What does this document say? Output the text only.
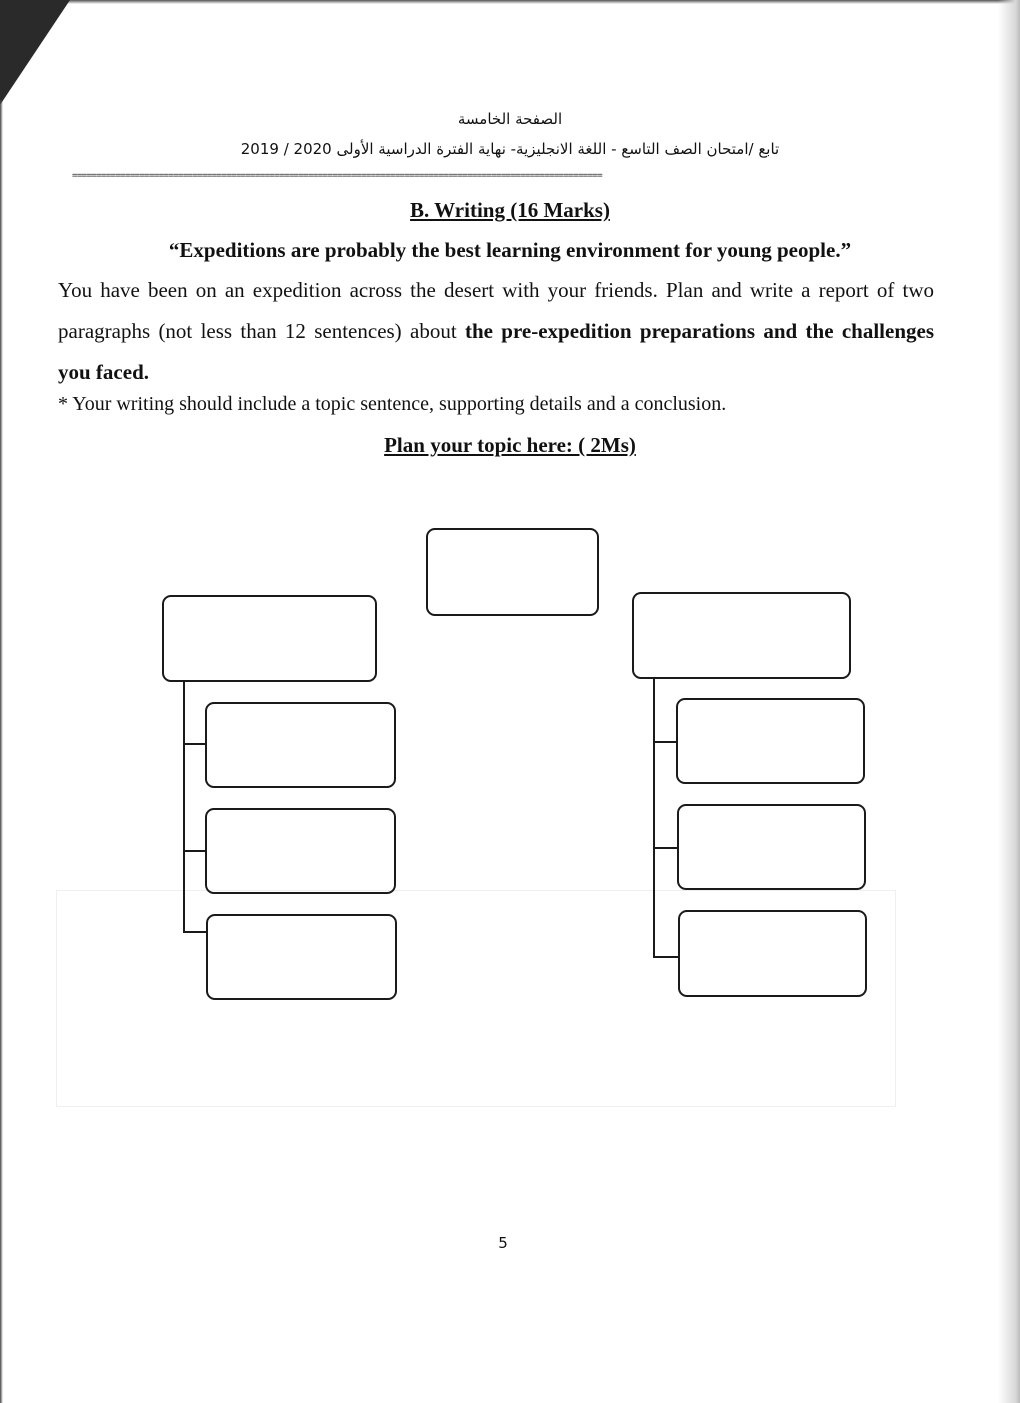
الصفحة الخامسة
تابع /امتحان الصف التاسع - اللغة الانجليزية- نهاية الفترة الدراسية الأولى 2020 / 2019
==============================================================================================================
B. Writing (16 Marks)
“Expeditions are probably the best learning environment for young people.”
You have been on an expedition across the desert with your friends. Plan and write a report of two paragraphs (not less than 12 sentences) about the pre-expedition preparations and the challenges you faced.
* Your writing should include a topic sentence, supporting details and a conclusion.
Plan your topic here: ( 2Ms)
5
